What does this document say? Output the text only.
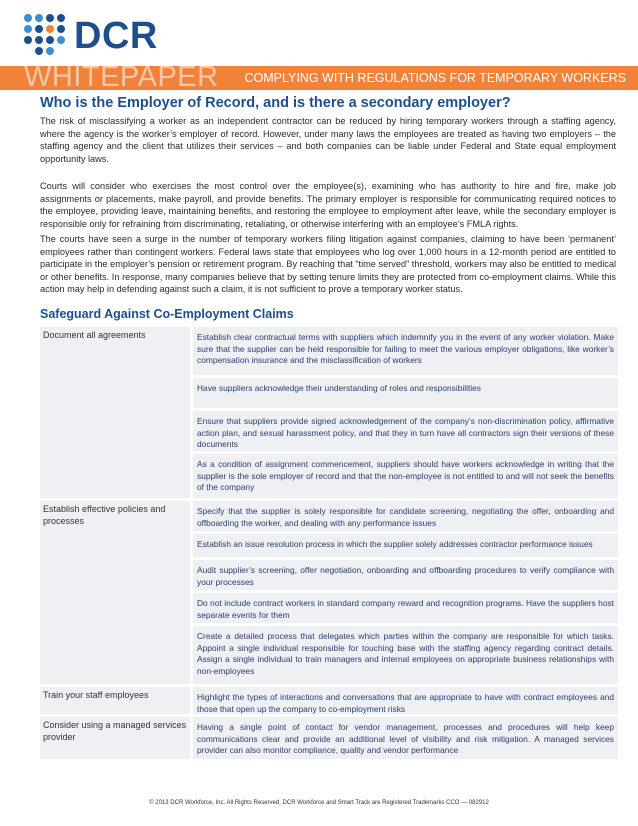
DCR
WHITEPAPER COMPLYING WITH REGULATIONS FOR TEMPORARY WORKERS
Who is the Employer of Record, and is there a secondary employer?

The risk of misclassifying a worker as an independent contractor can be reduced by hiring temporary workers through a staffing agency, where the agency is the worker’s employer of record. However, under many laws the employees are treated as having two employers – the staffing agency and the client that utilizes their services – and both companies can be liable under Federal and State equal employment opportunity laws.

Courts will consider who exercises the most control over the employee(s), examining who has authority to hire and fire, make job assignments or placements, make payroll, and provide benefits. The primary employer is responsible for communicating required notices to the employee, providing leave, maintaining benefits, and restoring the employee to employment after leave, while the secondary employer is responsible only for refraining from discriminating, retaliating, or otherwise interfering with an employee’s FMLA rights.

The courts have seen a surge in the number of temporary workers filing litigation against companies, claiming to have been ‘permanent’ employees rather than contingent workers. Federal laws state that employees who log over 1,000 hours in a 12-month period are entitled to participate in the employer’s pension or retirement program. By reaching that “time served” threshold, workers may also be entitled to medical or other benefits. In response, many companies believe that by setting tenure limits they are protected from co-employment claims. While this action may help in defending against such a claim, it is not sufficient to prove a temporary worker status.

Safeguard Against Co-Employment Claims
Document all agreements
Establish effective policies and processes
Train your staff employees
Consider using a managed services provider
Establish clear contractual terms with suppliers which indemnify you in the event of any worker violation. Make sure that the supplier can be held responsible for failing to meet the various employer obligations, like worker’s compensation insurance and the misclassification of workers
Have suppliers acknowledge their understanding of roles and responsibilities
Ensure that suppliers provide signed acknowledgement of the company’s non-discrimination policy, affirmative action plan, and sexual harassment policy, and that they in turn have all contractors sign their versions of these documents
As a condition of assignment commencement, suppliers should have workers acknowledge in writing that the supplier is the sole employer of record and that the non-employee is not entitled to and will not seek the benefits of the company
Specify that the supplier is solely responsible for candidate screening, negotiating the offer, onboarding and offboarding the worker, and dealing with any performance issues
Establish an issue resolution process in which the supplier solely addresses contractor performance issues
Audit supplier’s screening, offer negotiation, onboarding and offboarding procedures to verify compliance with your processes
Do not include contract workers in standard company reward and recognition programs. Have the suppliers host separate events for them
Create a detailed process that delegates which parties within the company are responsible for which tasks. Appoint a single individual responsible for touching base with the staffing agency regarding contract details. Assign a single individual to train managers and internal employees on appropriate business relationships with non-employees
Highlight the types of interactions and conversations that are appropriate to have with contract employees and those that open up the company to co-employment risks
Having a single point of contact for vendor management, processes and procedures will help keep communications clear and provide an additional level of visibility and risk mitigation. A managed services provider can also monitor compliance, quality and vendor performance
© 2013 DCR Workforce, Inc. All Rights Reserved. DCR Workforce and Smart Track are Registered Trademarks CCO — 082912
